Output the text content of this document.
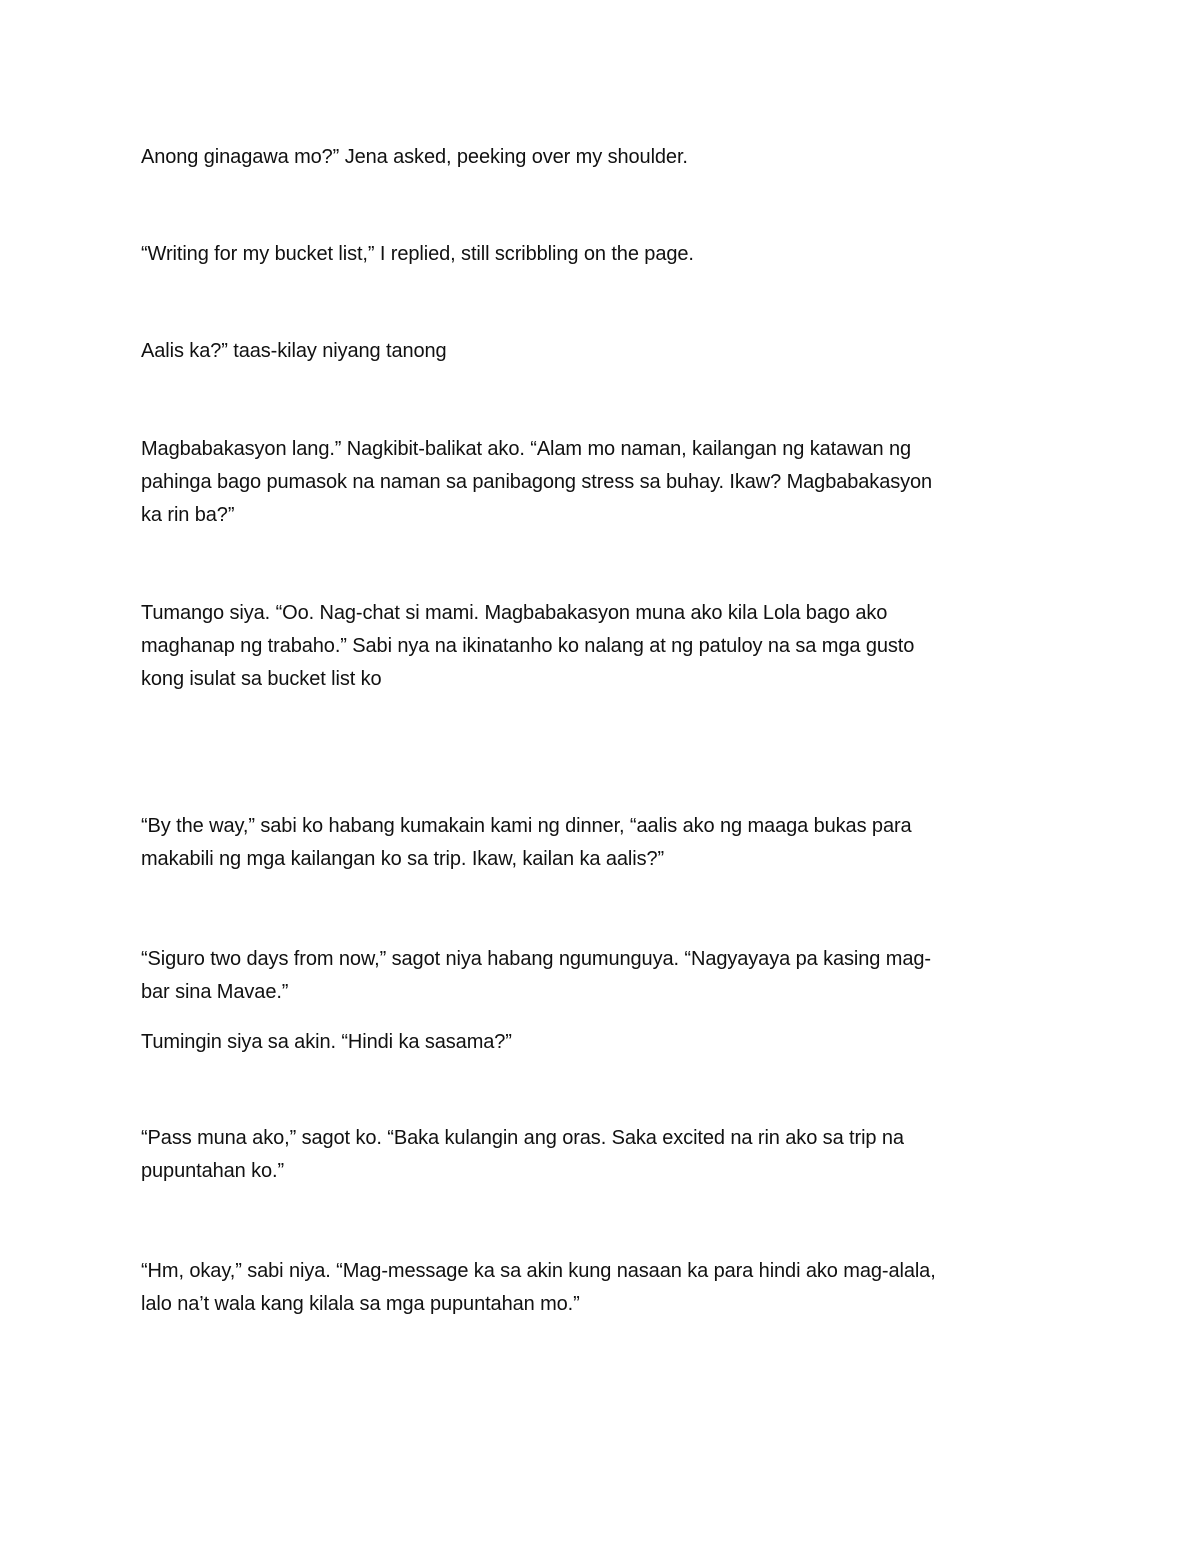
Anong ginagawa mo?” Jena asked, peeking over my shoulder.

“Writing for my bucket list,” I replied, still scribbling on the page.

Aalis ka?” taas-kilay niyang tanong

Magbabakasyon lang.” Nagkibit-balikat ako. “Alam mo naman, kailangan ng katawan ng

pahinga bago pumasok na naman sa panibagong stress sa buhay. Ikaw? Magbabakasyon

ka rin ba?”

Tumango siya. “Oo. Nag-chat si mami. Magbabakasyon muna ako kila Lola bago ako

maghanap ng trabaho.” Sabi nya na ikinatanho ko nalang at ng patuloy na sa mga gusto

kong isulat sa bucket list ko

“By the way,” sabi ko habang kumakain kami ng dinner, “aalis ako ng maaga bukas para

makabili ng mga kailangan ko sa trip. Ikaw, kailan ka aalis?”

“Siguro two days from now,” sagot niya habang ngumunguya. “Nagyayaya pa kasing mag-

bar sina Mavae.”

Tumingin siya sa akin. “Hindi ka sasama?”

“Pass muna ako,” sagot ko. “Baka kulangin ang oras. Saka excited na rin ako sa trip na

pupuntahan ko.”

“Hm, okay,” sabi niya. “Mag-message ka sa akin kung nasaan ka para hindi ako mag-alala,

lalo na’t wala kang kilala sa mga pupuntahan mo.”
